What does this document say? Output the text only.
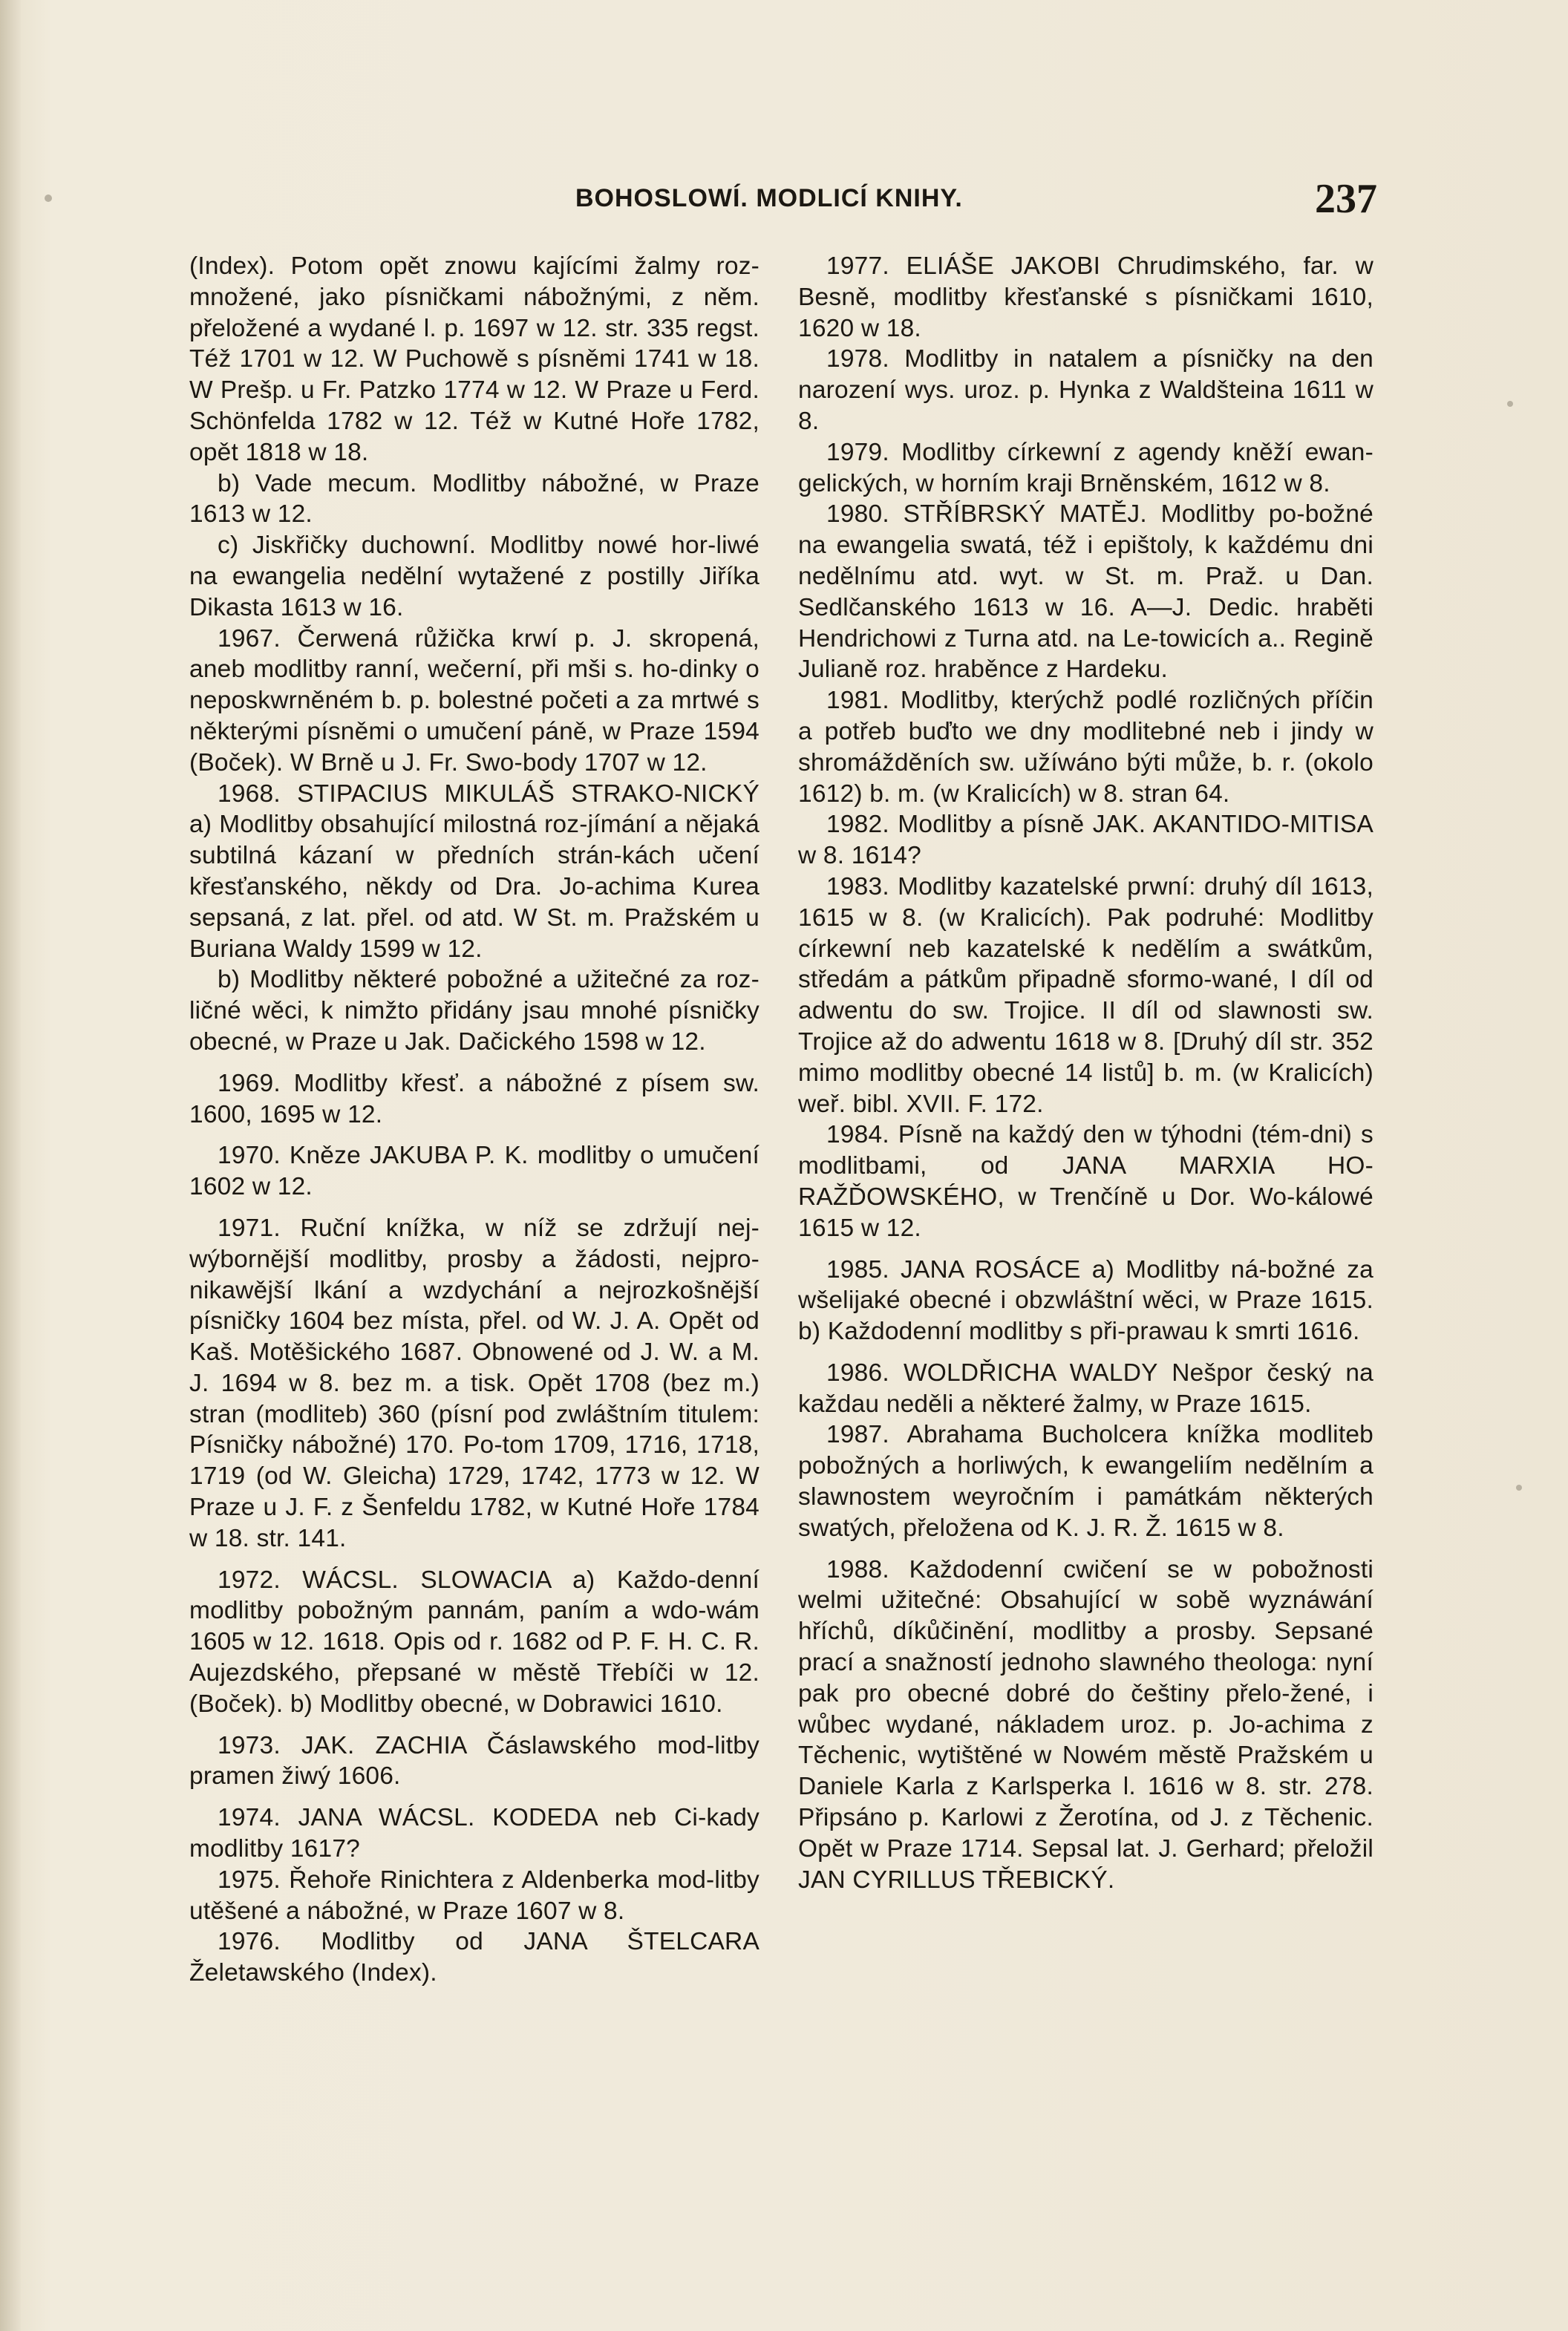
BOHOSLOWÍ. MODLICÍ KNIHY.	237

(Index). Potom opět znowu kajícími žalmy roz-množené, jako písničkami nábožnými, z něm. přeložené a wydané l. p. 1697 w 12. str. 335 regst. Též 1701 w 12. W Puchowě s písněmi 1741 w 18. W Prešp. u Fr. Patzko 1774 w 12. W Praze u Ferd. Schönfelda 1782 w 12. Též w Kutné Hoře 1782, opět 1818 w 18.

b) Vade mecum. Modlitby nábožné, w Praze 1613 w 12.

c) Jiskřičky duchowní. Modlitby nowé hor-liwé na ewangelia nedělní wytažené z postilly Jiříka Dikasta 1613 w 16.

1967. Čerwená růžička krwí p. J. skropená, aneb modlitby ranní, wečerní, při mši s. ho-dinky o neposkwrněném b. p. bolestné početi a za mrtwé s některými písněmi o umučení páně, w Praze 1594 (Boček). W Brně u J. Fr. Swo-body 1707 w 12.

1968. STIPACIUS MIKULÁŠ STRAKO-NICKÝ a) Modlitby obsahující milostná roz-jímání a nějaká subtilná kázaní w předních strán-kách učení křesťanského, někdy od Dra. Jo-achima Kurea sepsaná, z lat. přel. od atd. W St. m. Pražském u Buriana Waldy 1599 w 12.

b) Modlitby některé pobožné a užitečné za roz-ličné wěci, k nimžto přidány jsau mnohé písničky obecné, w Praze u Jak. Dačického 1598 w 12.

1969. Modlitby křesť. a nábožné z písem sw. 1600, 1695 w 12.

1970. Kněze JAKUBA P. K. modlitby o umučení 1602 w 12.

1971. Ruční knížka, w níž se zdržují nej-wýbornější modlitby, prosby a žádosti, nejpro-nikawější lkání a wzdychání a nejrozkošnější písničky 1604 bez místa, přel. od W. J. A. Opět od Kaš. Motěšického 1687. Obnowené od J. W. a M. J. 1694 w 8. bez m. a tisk. Opět 1708 (bez m.) stran (modliteb) 360 (písní pod zwláštním titulem: Písničky nábožné) 170. Po-tom 1709, 1716, 1718, 1719 (od W. Gleicha) 1729, 1742, 1773 w 12. W Praze u J. F. z Šenfeldu 1782, w Kutné Hoře 1784 w 18. str. 141.

1972. WÁCSL. SLOWACIA a) Každo-denní modlitby pobožným pannám, paním a wdo-wám 1605 w 12. 1618. Opis od r. 1682 od P. F. H. C. R. Aujezdského, přepsané w městě Třebíči w 12. (Boček). b) Modlitby obecné, w Dobrawici 1610.

1973. JAK. ZACHIA Čáslawského mod-litby pramen žiwý 1606.

1974. JANA WÁCSL. KODEDA neb Ci-kady modlitby 1617?

1975. Řehoře Rinichtera z Aldenberka mod-litby utěšené a nábožné, w Praze 1607 w 8.

1976. Modlitby od JANA ŠTELCARA Želetawského (Index).

1977. ELIÁŠE JAKOBI Chrudimského, far. w Besně, modlitby křesťanské s písničkami 1610, 1620 w 18.

1978. Modlitby in natalem a písničky na den narození wys. uroz. p. Hynka z Waldšteina 1611 w 8.

1979. Modlitby církewní z agendy kněží ewan-gelických, w horním kraji Brněnském, 1612 w 8.

1980. STŘÍBRSKÝ MATĚJ. Modlitby po-božné na ewangelia swatá, též i epištoly, k každému dni nedělnímu atd. wyt. w St. m. Praž. u Dan. Sedlčanského 1613 w 16. A—J. Dedic. hraběti Hendrichowi z Turna atd. na Le-towicích a.. Regině Julianě roz. hraběnce z Hardeku.

1981. Modlitby, kterýchž podlé rozličných příčin a potřeb buďto we dny modlitebné neb i jindy w shromážděních sw. užíwáno býti může, b. r. (okolo 1612) b. m. (w Kralicích) w 8. stran 64.

1982. Modlitby a písně JAK. AKANTIDO-MITISA w 8. 1614?

1983. Modlitby kazatelské prwní: druhý díl 1613, 1615 w 8. (w Kralicích). Pak podruhé: Modlitby církewní neb kazatelské k nedělím a swátkům, středám a pátkům připadně sformo-wané, I díl od adwentu do sw. Trojice. II díl od slawnosti sw. Trojice až do adwentu 1618 w 8. [Druhý díl str. 352 mimo modlitby obecné 14 listů] b. m. (w Kralicích) weř. bibl. XVII. F. 172.

1984. Písně na každý den w týhodni (tém-dni) s modlitbami, od JANA MARXIA HO-RAŽĎOWSKÉHO, w Trenčíně u Dor. Wo-kálowé 1615 w 12.

1985. JANA ROSÁCE a) Modlitby ná-božné za wšelijaké obecné i obzwláštní wěci, w Praze 1615. b) Každodenní modlitby s při-prawau k smrti 1616.

1986. WOLDŘICHA WALDY Nešpor český na každau neděli a některé žalmy, w Praze 1615.

1987. Abrahama Bucholcera knížka modliteb pobožných a horliwých, k ewangeliím nedělním a slawnostem weyročním i památkám některých swatých, přeložena od K. J. R. Ž. 1615 w 8.

1988. Každodenní cwičení se w pobožnosti welmi užitečné: Obsahující w sobě wyznáwání hříchů, díkůčinění, modlitby a prosby. Sepsané prací a snažností jednoho slawného theologa: nyní pak pro obecné dobré do češtiny přelo-žené, i wůbec wydané, nákladem uroz. p. Jo-achima z Těchenic, wytištěné w Nowém městě Pražském u Daniele Karla z Karlsperka l. 1616 w 8. str. 278. Připsáno p. Karlowi z Žerotína, od J. z Těchenic. Opět w Praze 1714. Sepsal lat. J. Gerhard; přeložil JAN CYRILLUS TŘEBICKÝ.
